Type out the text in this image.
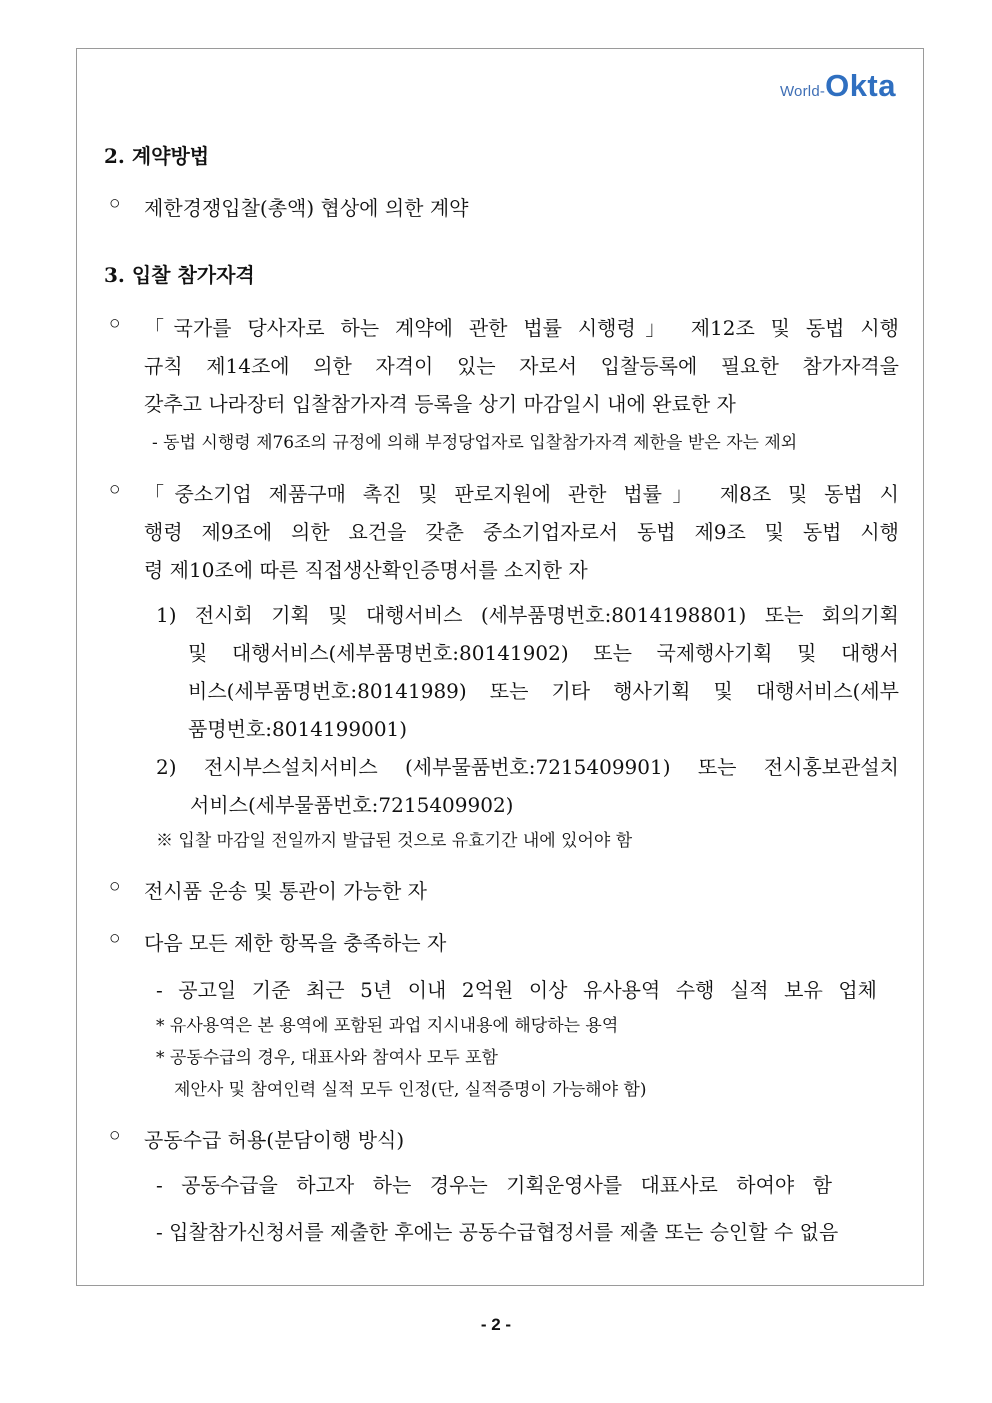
World- Okta
2. 계약방법
○ 제한경쟁입찰(총액) 협상에 의한 계약
3. 입찰 참가자격
○ 「국가를 당사자로 하는 계약에 관한 법률 시행령」 제12조 및 동법 시행
규칙 제14조에 의한 자격이 있는 자로서 입찰등록에 필요한 참가자격을
갖추고 나라장터 입찰참가자격 등록을 상기 마감일시 내에 완료한 자
- 동법 시행령 제76조의 규정에 의해 부정당업자로 입찰참가자격 제한을 받은 자는 제외
○ 「중소기업 제품구매 촉진 및 판로지원에 관한 법률」 제8조 및 동법 시
행령 제9조에 의한 요건을 갖춘 중소기업자로서 동법 제9조 및 동법 시행
령 제10조에 따른 직접생산확인증명서를 소지한 자
1) 전시회 기획 및 대행서비스 (세부품명번호:8014198801) 또는 회의기획
및 대행서비스(세부품명번호:80141902) 또는 국제행사기획 및 대행서
비스(세부품명번호:80141989) 또는 기타 행사기획 및 대행서비스(세부
품명번호:8014199001)
2) 전시부스설치서비스 (세부물품번호:7215409901) 또는 전시홍보관설치
서비스(세부물품번호:7215409902)
※ 입찰 마감일 전일까지 발급된 것으로 유효기간 내에 있어야 함
○ 전시품 운송 및 통관이 가능한 자
○ 다음 모든 제한 항목을 충족하는 자
- 공고일 기준 최근 5년 이내 2억원 이상 유사용역 수행 실적 보유 업체
* 유사용역은 본 용역에 포함된 과업 지시내용에 해당하는 용역
* 공동수급의 경우, 대표사와 참여사 모두 포함
제안사 및 참여인력 실적 모두 인정(단, 실적증명이 가능해야 함)
○ 공동수급 허용(분담이행 방식)
- 공동수급을 하고자 하는 경우는 기획운영사를 대표사로 하여야 함
- 입찰참가신청서를 제출한 후에는 공동수급협정서를 제출 또는 승인할 수 없음
- 2 -
